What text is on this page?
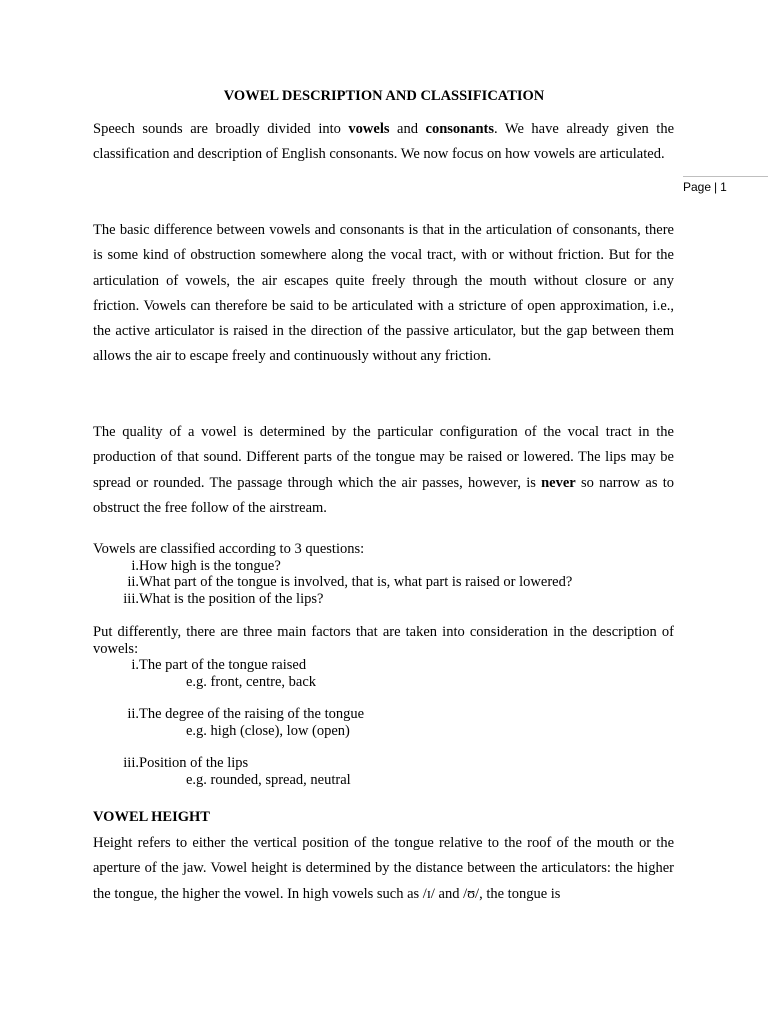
VOWEL DESCRIPTION AND CLASSIFICATION
Page | 1
Speech sounds are broadly divided into vowels and consonants. We have already given the classification and description of English consonants. We now focus on how vowels are articulated.
The basic difference between vowels and consonants is that in the articulation of consonants, there is some kind of obstruction somewhere along the vocal tract, with or without friction. But for the articulation of vowels, the air escapes quite freely through the mouth without closure or any friction. Vowels can therefore be said to be articulated with a stricture of open approximation, i.e., the active articulator is raised in the direction of the passive articulator, but the gap between them allows the air to escape freely and continuously without any friction.
The quality of a vowel is determined by the particular configuration of the vocal tract in the production of that sound. Different parts of the tongue may be raised or lowered. The lips may be spread or rounded. The passage through which the air passes, however, is never so narrow as to obstruct the free follow of the airstream.
Vowels are classified according to 3 questions:
i. How high is the tongue?
ii. What part of the tongue is involved, that is, what part is raised or lowered?
iii. What is the position of the lips?
Put differently, there are three main factors that are taken into consideration in the description of vowels:
i. The part of the tongue raised
e.g. front, centre, back
ii. The degree of the raising of the tongue
e.g. high (close), low (open)
iii. Position of the lips
e.g. rounded, spread, neutral
VOWEL HEIGHT
Height refers to either the vertical position of the tongue relative to the roof of the mouth or the aperture of the jaw. Vowel height is determined by the distance between the articulators: the higher the tongue, the higher the vowel. In high vowels such as /ɪ/ and /ʊ/, the tongue is
